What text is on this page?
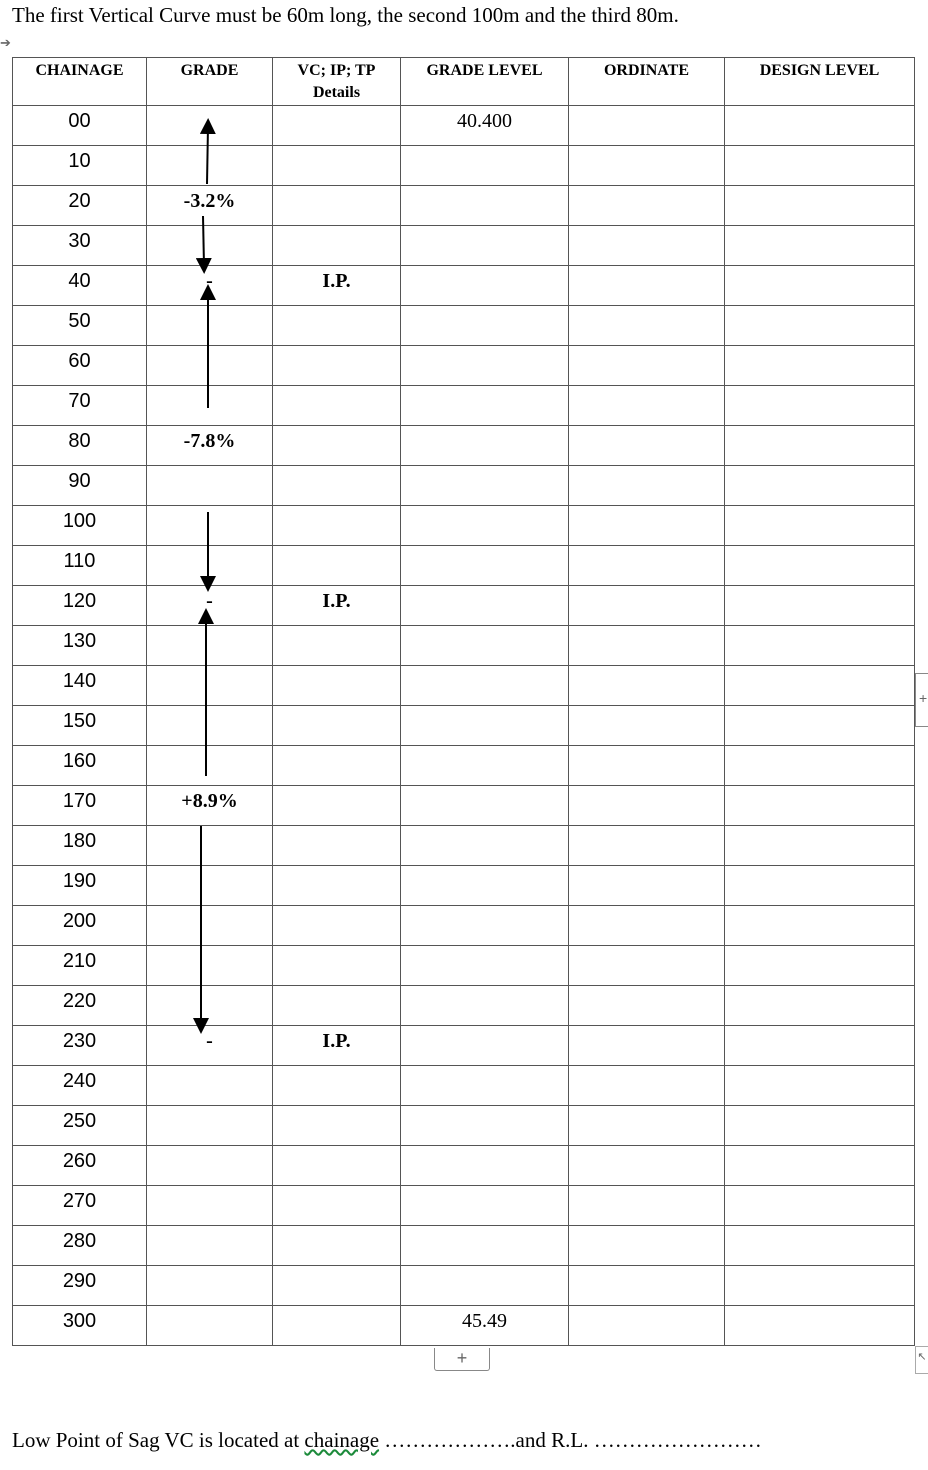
The first Vertical Curve must be 60m long, the second 100m and the third 80m.
➔
CHAINAGE	GRADE	VC; IP; TP
Details	GRADE LEVEL	ORDINATE	DESIGN LEVEL
00			40.400		
10					
20	-3.2%				
30					
40	-	I.P.			
50					
60					
70					
80	-7.8%				
90					
100					
110					
120	-	I.P.			
130					
140					
150					
160					
170	+8.9%				
180					
190					
200					
210					
220					
230	-	I.P.			
240					
250					
260					
270					
280					
290					
300			45.49		
+
+
↖
Low Point of Sag VC is located at chainage ……………….and R.L. ……………………
